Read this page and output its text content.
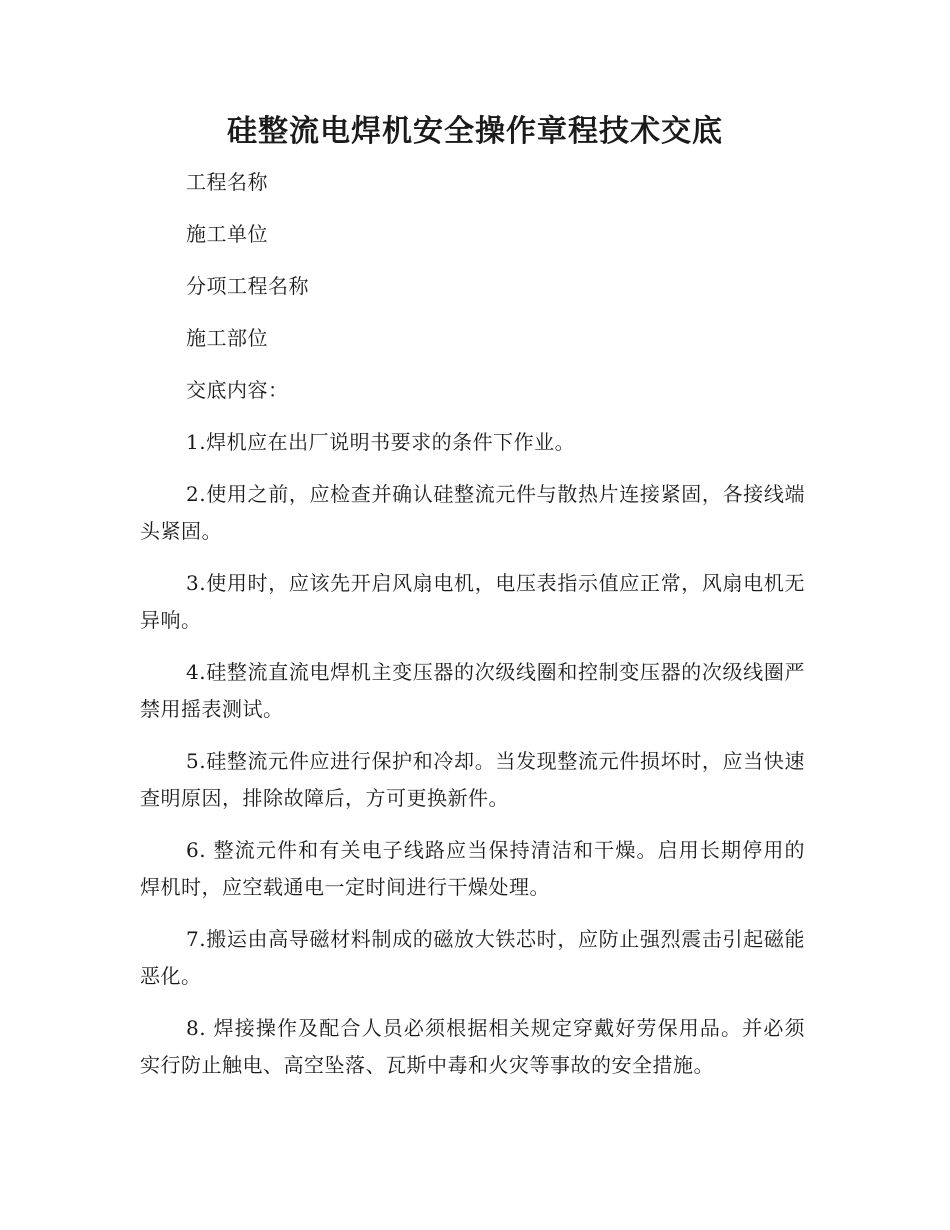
硅整流电焊机安全操作章程技术交底

工程名称

施工单位

分项工程名称

施工部位

交底内容：

1.焊机应在出厂说明书要求的条件下作业。

2.使用之前，应检查并确认硅整流元件与散热片连接紧固，各接线端头紧固。

3.使用时，应该先开启风扇电机，电压表指示值应正常，风扇电机无异响。

4.硅整流直流电焊机主变压器的次级线圈和控制变压器的次级线圈严禁用摇表测试。

5.硅整流元件应进行保护和冷却。当发现整流元件损坏时，应当快速查明原因，排除故障后，方可更换新件。

6. 整流元件和有关电子线路应当保持清洁和干燥。启用长期停用的焊机时，应空载通电一定时间进行干燥处理。

7.搬运由高导磁材料制成的磁放大铁芯时，应防止强烈震击引起磁能恶化。

8. 焊接操作及配合人员必须根据相关规定穿戴好劳保用品。并必须实行防止触电、高空坠落、瓦斯中毒和火灾等事故的安全措施。
